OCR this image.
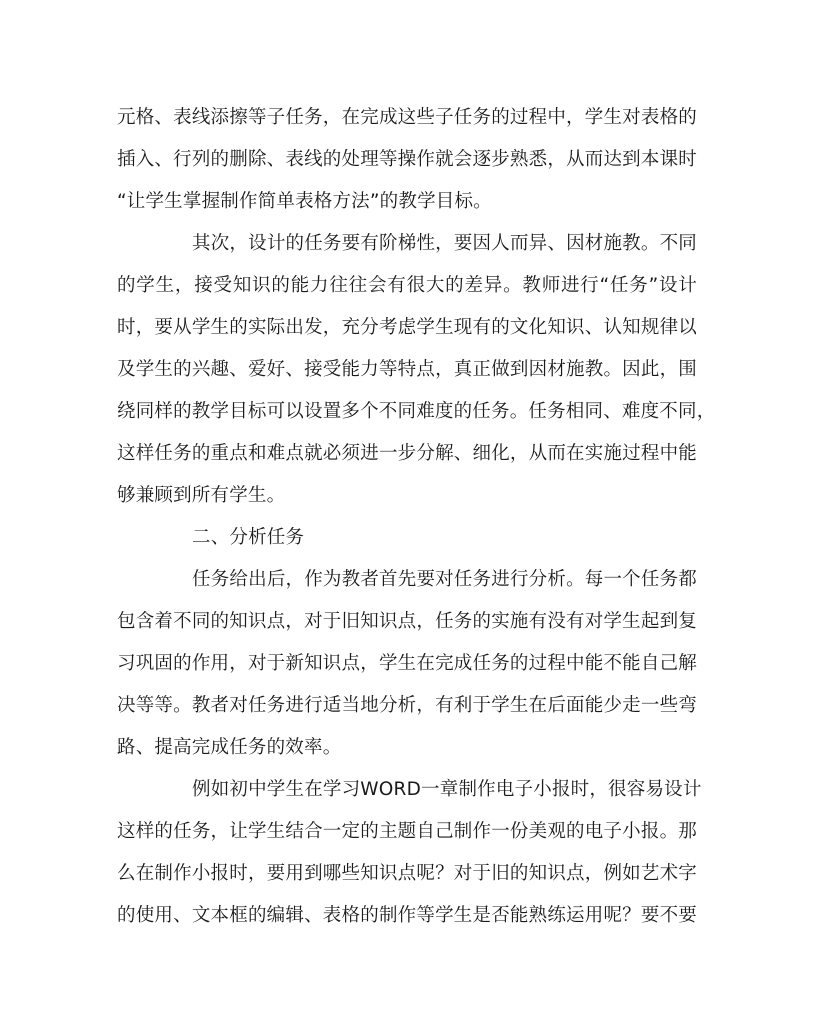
元格、表线添擦等子任务，在完成这些子任务的过程中，学生对表格的
插入、行列的删除、表线的处理等操作就会逐步熟悉，从而达到本课时
“让学生掌握制作简单表格方法”的教学目标。
其次，设计的任务要有阶梯性，要因人而异、因材施教。不同
的学生，接受知识的能力往往会有很大的差异。教师进行“任务”设计
时，要从学生的实际出发，充分考虑学生现有的文化知识、认知规律以
及学生的兴趣、爱好、接受能力等特点，真正做到因材施教。因此，围
绕同样的教学目标可以设置多个不同难度的任务。任务相同、难度不同，
这样任务的重点和难点就必须进一步分解、细化，从而在实施过程中能
够兼顾到所有学生。
二、分析任务
任务给出后，作为教者首先要对任务进行分析。每一个任务都
包含着不同的知识点，对于旧知识点，任务的实施有没有对学生起到复
习巩固的作用，对于新知识点，学生在完成任务的过程中能不能自己解
决等等。教者对任务进行适当地分析，有利于学生在后面能少走一些弯
路、提高完成任务的效率。
例如初中学生在学习WORD一章制作电子小报时，很容易设计
这样的任务，让学生结合一定的主题自己制作一份美观的电子小报。那
么在制作小报时，要用到哪些知识点呢？对于旧的知识点，例如艺术字
的使用、文本框的编辑、表格的制作等学生是否能熟练运用呢？要不要
